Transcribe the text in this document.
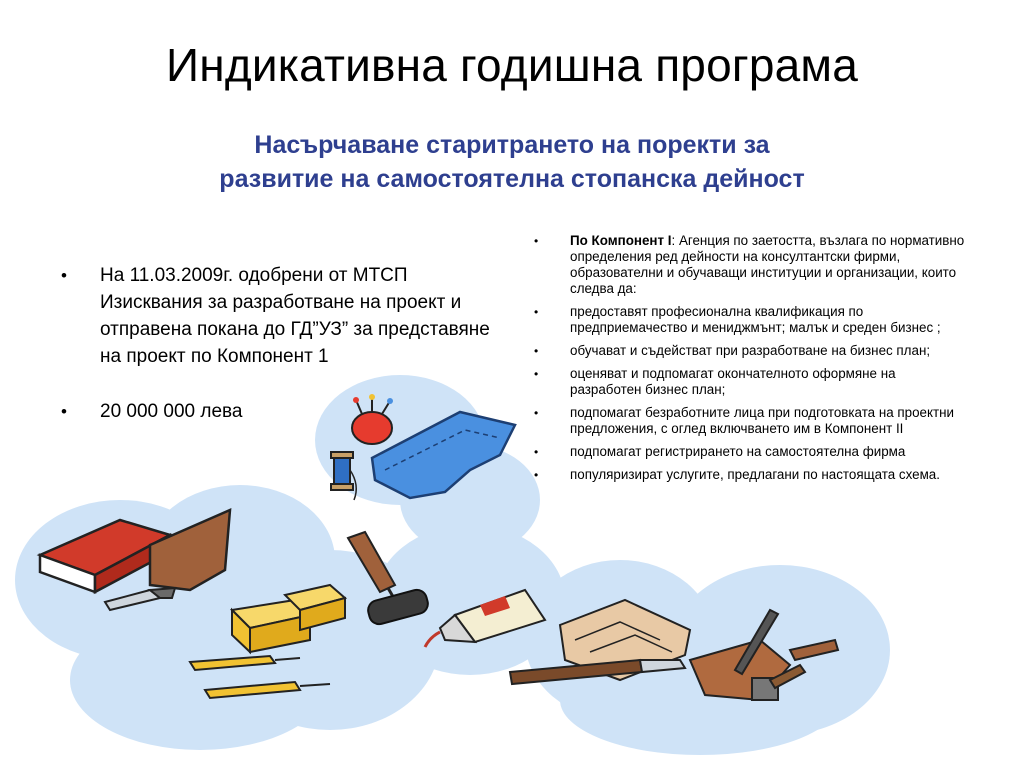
Индикативна годишна програма
Насърчаване старитрането на поректи за
развитие на самостоятелна стопанска дейност
• На 11.03.2009г. одобрени от МТСП Изисквания за разработване на проект и отправена покана до ГД”УЗ” за представяне на проект по Компонент 1
• 20 000 000 лева
• По Компонент I: Агенция по заетостта, възлага по нормативно определения ред дейности на консултантски фирми, образователни и обучаващи институции и организации, които следва да:
• предоставят професионална квалификация по предприемачество и мениджмънт; малък и среден бизнес ;
• обучават и съдействат при разработване на бизнес план;
• оценяват и подпомагат окончателното оформяне на разработен бизнес план;
• подпомагат безработните лица при подготовката на проектни предложения, с оглед включването им в Компонент II
• подпомагат регистрирането на самостоятелна фирма
• популяризират услугите, предлагани по настоящата схема.
